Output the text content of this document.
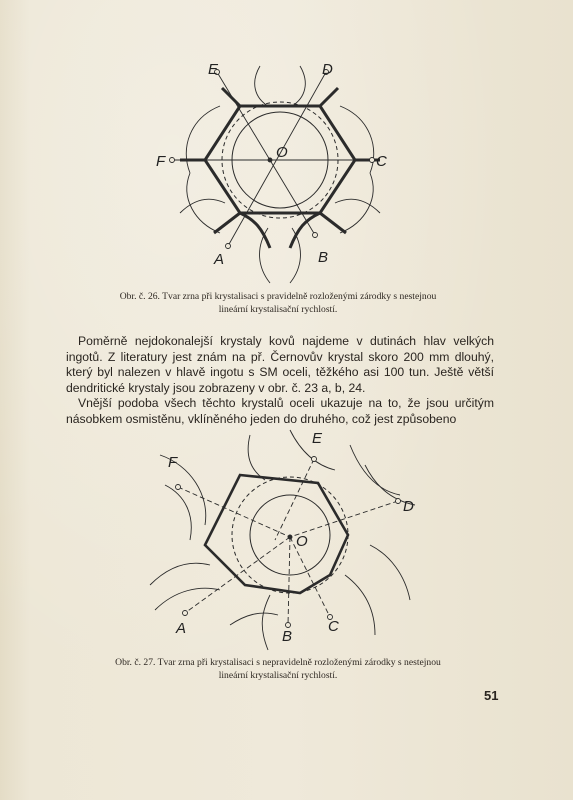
E	D
F	C
O
A	B
Obr. č. 26. Tvar zrna při krystalisaci s pravidelně rozloženými zárodky s nestejnou
lineární krystalisační rychlostí.

Poměrně nejdokonalejší krystaly kovů najdeme v dutinách hlav velkých ingotů. Z literatury jest znám na př. Černovův krystal skoro 200 mm dlouhý, který byl nalezen v hlavě ingotu s SM oceli, těžkého asi 100 tun. Ještě větší dendritické krystaly jsou zobrazeny v obr. č. 23 a, b, 24.

Vnější podoba všech těchto krystalů oceli ukazuje na to, že jsou určitým násobkem osmistěnu, vklíněného jeden do druhého, což jest způsobeno

E
D
F
O
A	B
C
Obr. č. 27. Tvar zrna při krystalisaci s nepravidelně rozloženými zárodky s nestejnou
lineární krystalisační rychlostí.
51
